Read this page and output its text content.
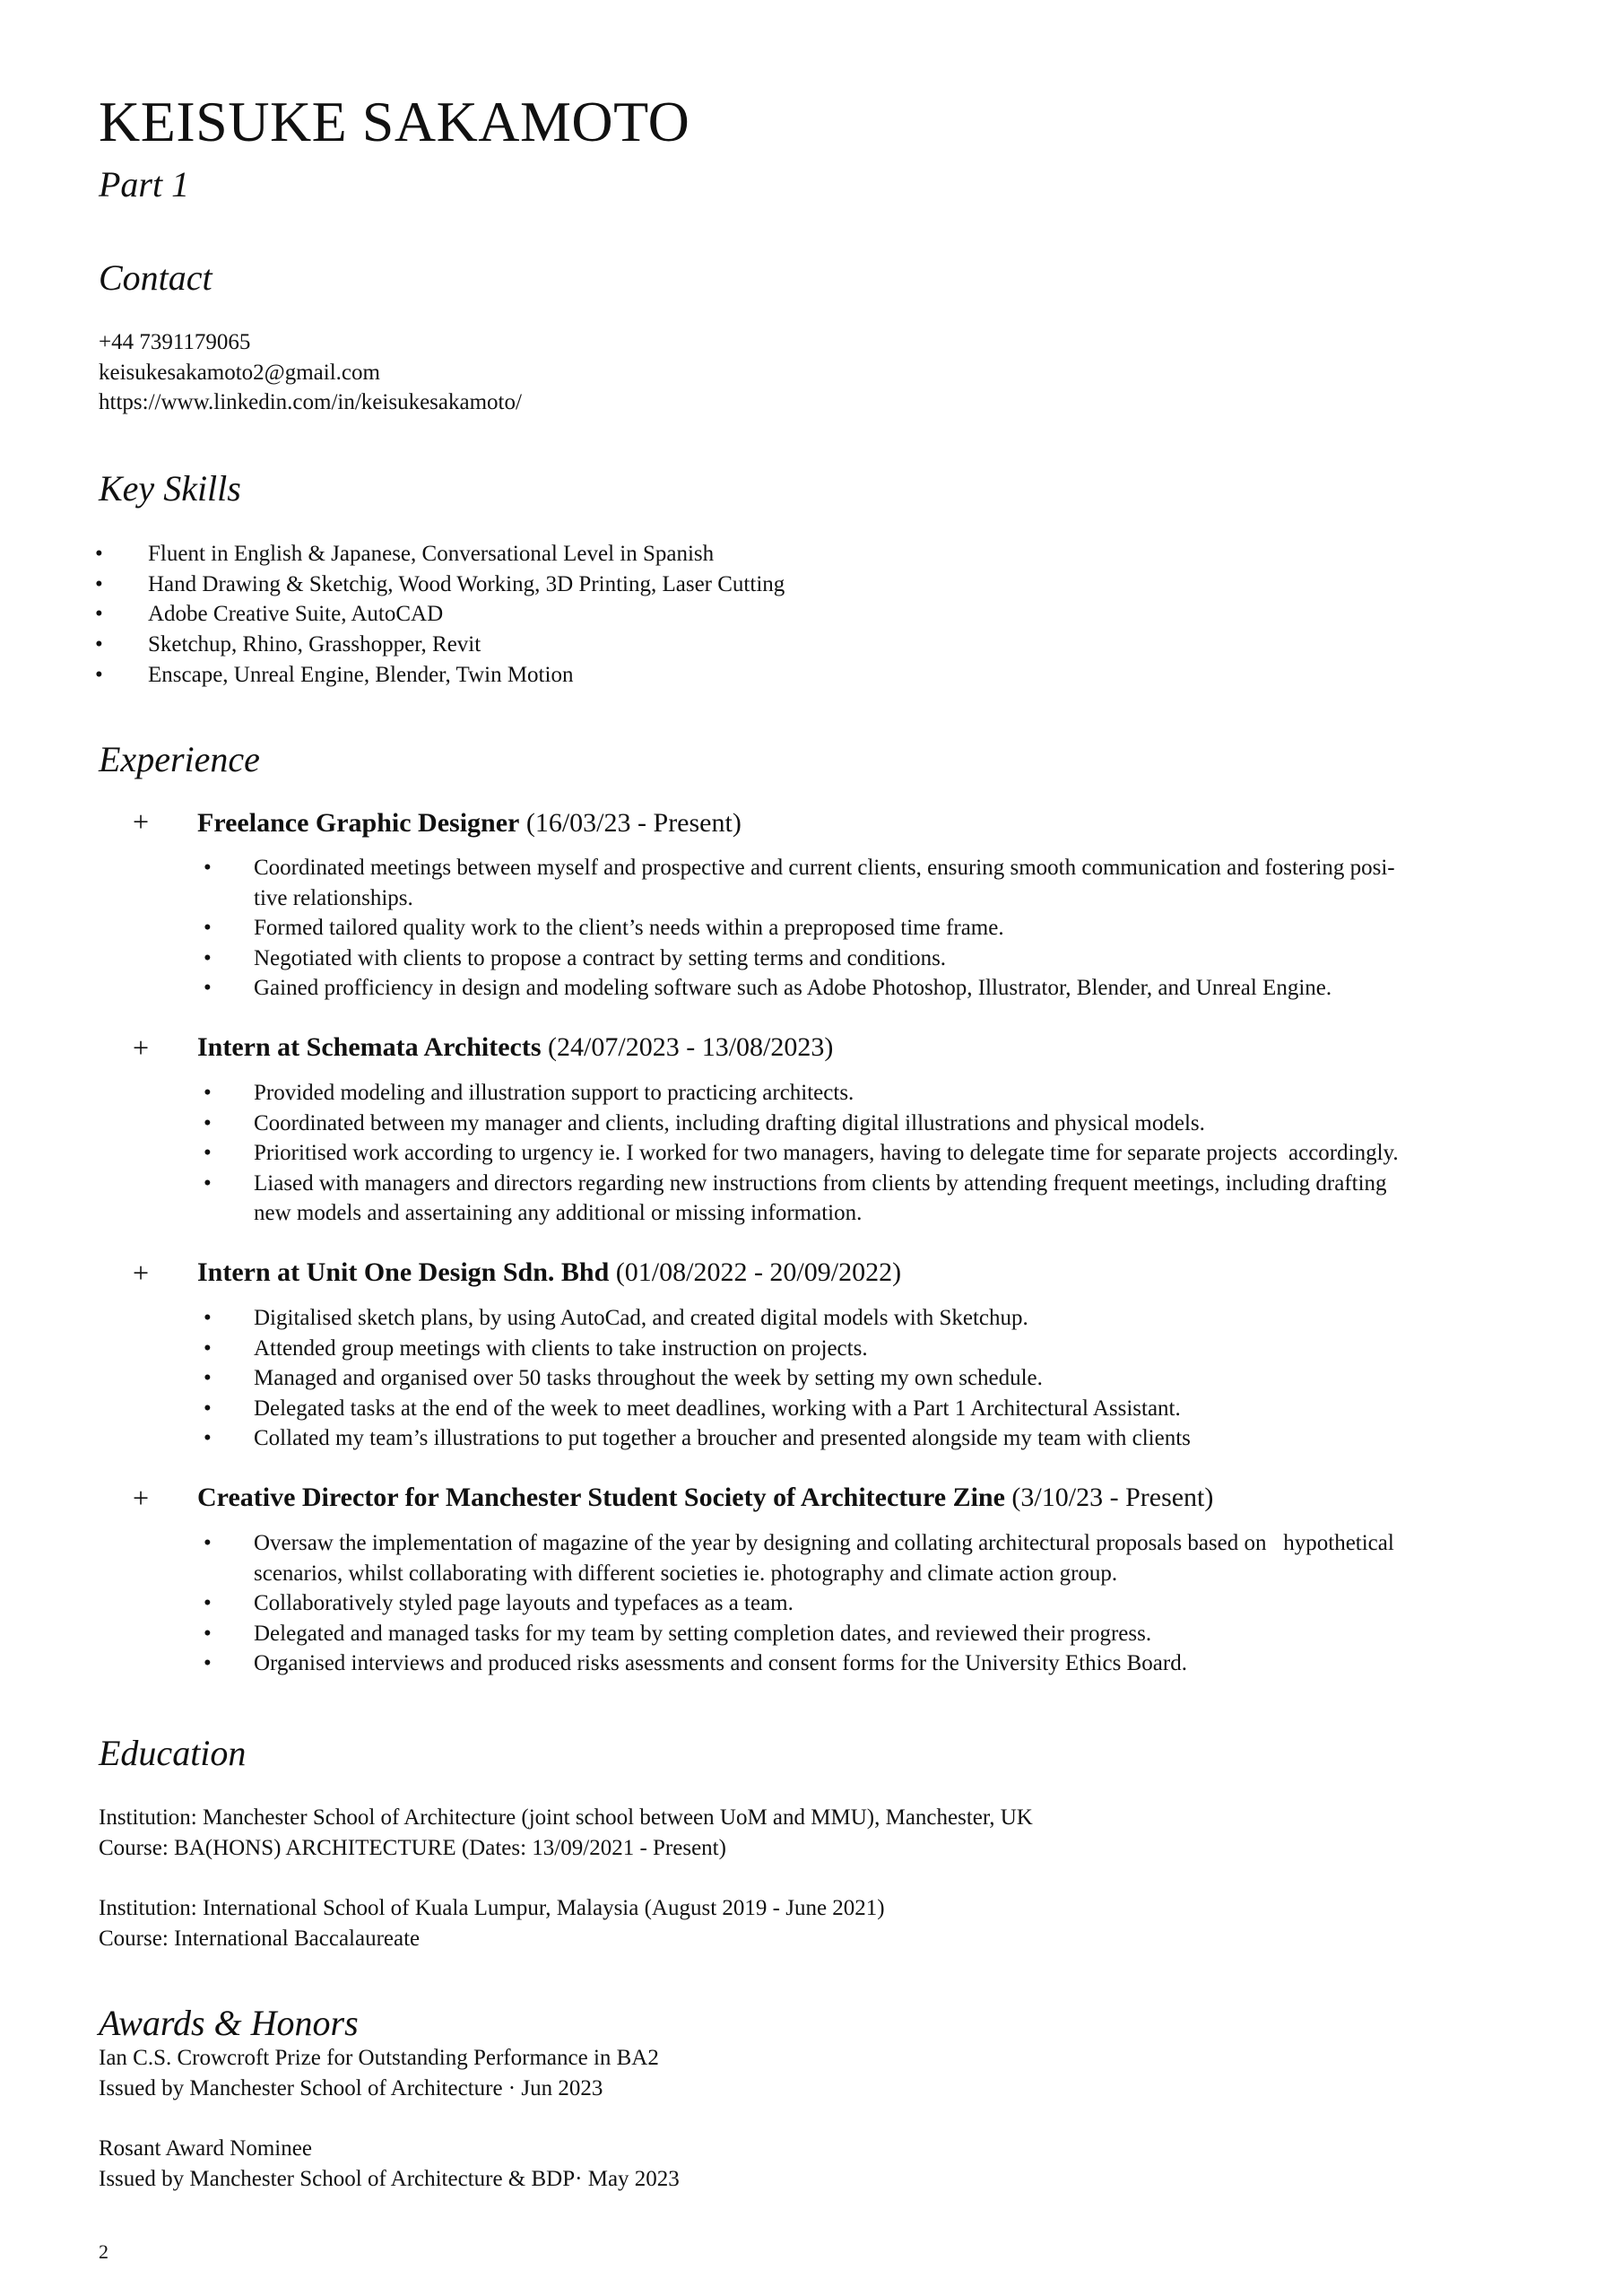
KEISUKE SAKAMOTO
Part 1
Contact
+44 7391179065
keisukesakamoto2@gmail.com
https://www.linkedin.com/in/keisukesakamoto/
Key Skills
• Fluent in English & Japanese, Conversational Level in Spanish
• Hand Drawing & Sketchig, Wood Working, 3D Printing, Laser Cutting
• Adobe Creative Suite, AutoCAD
• Sketchup, Rhino, Grasshopper, Revit
• Enscape, Unreal Engine, Blender, Twin Motion
Experience
+ Freelance Graphic Designer (16/03/23 - Present)
• Coordinated meetings between myself and prospective and current clients, ensuring smooth communication and fostering posi-
tive relationships.
• Formed tailored quality work to the client’s needs within a preproposed time frame.
• Negotiated with clients to propose a contract by setting terms and conditions.
• Gained profficiency in design and modeling software such as Adobe Photoshop, Illustrator, Blender, and Unreal Engine.
+ Intern at Schemata Architects (24/07/2023 - 13/08/2023)
• Provided modeling and illustration support to practicing architects.
• Coordinated between my manager and clients, including drafting digital illustrations and physical models.
• Prioritised work according to urgency ie. I worked for two managers, having to delegate time for separate projects  accordingly.
• Liased with managers and directors regarding new instructions from clients by attending frequent meetings, including drafting
new models and assertaining any additional or missing information.
+ Intern at Unit One Design Sdn. Bhd (01/08/2022 - 20/09/2022)
• Digitalised sketch plans, by using AutoCad, and created digital models with Sketchup.
• Attended group meetings with clients to take instruction on projects.
• Managed and organised over 50 tasks throughout the week by setting my own schedule.
• Delegated tasks at the end of the week to meet deadlines, working with a Part 1 Architectural Assistant.
• Collated my team’s illustrations to put together a broucher and presented alongside my team with clients
+ Creative Director for Manchester Student Society of Architecture Zine (3/10/23 - Present)
• Oversaw the implementation of magazine of the year by designing and collating architectural proposals based on   hypothetical
scenarios, whilst collaborating with different societies ie. photography and climate action group.
• Collaboratively styled page layouts and typefaces as a team.
• Delegated and managed tasks for my team by setting completion dates, and reviewed their progress.
• Organised interviews and produced risks asessments and consent forms for the University Ethics Board.
Education
Institution: Manchester School of Architecture (joint school between UoM and MMU), Manchester, UK
Course: BA(HONS) ARCHITECTURE (Dates: 13/09/2021 - Present)
Institution: International School of Kuala Lumpur, Malaysia (August 2019 - June 2021)
Course: International Baccalaureate
Awards & Honors
Ian C.S. Crowcroft Prize for Outstanding Performance in BA2
Issued by Manchester School of Architecture · Jun 2023
Rosant Award Nominee
Issued by Manchester School of Architecture & BDP· May 2023
2
